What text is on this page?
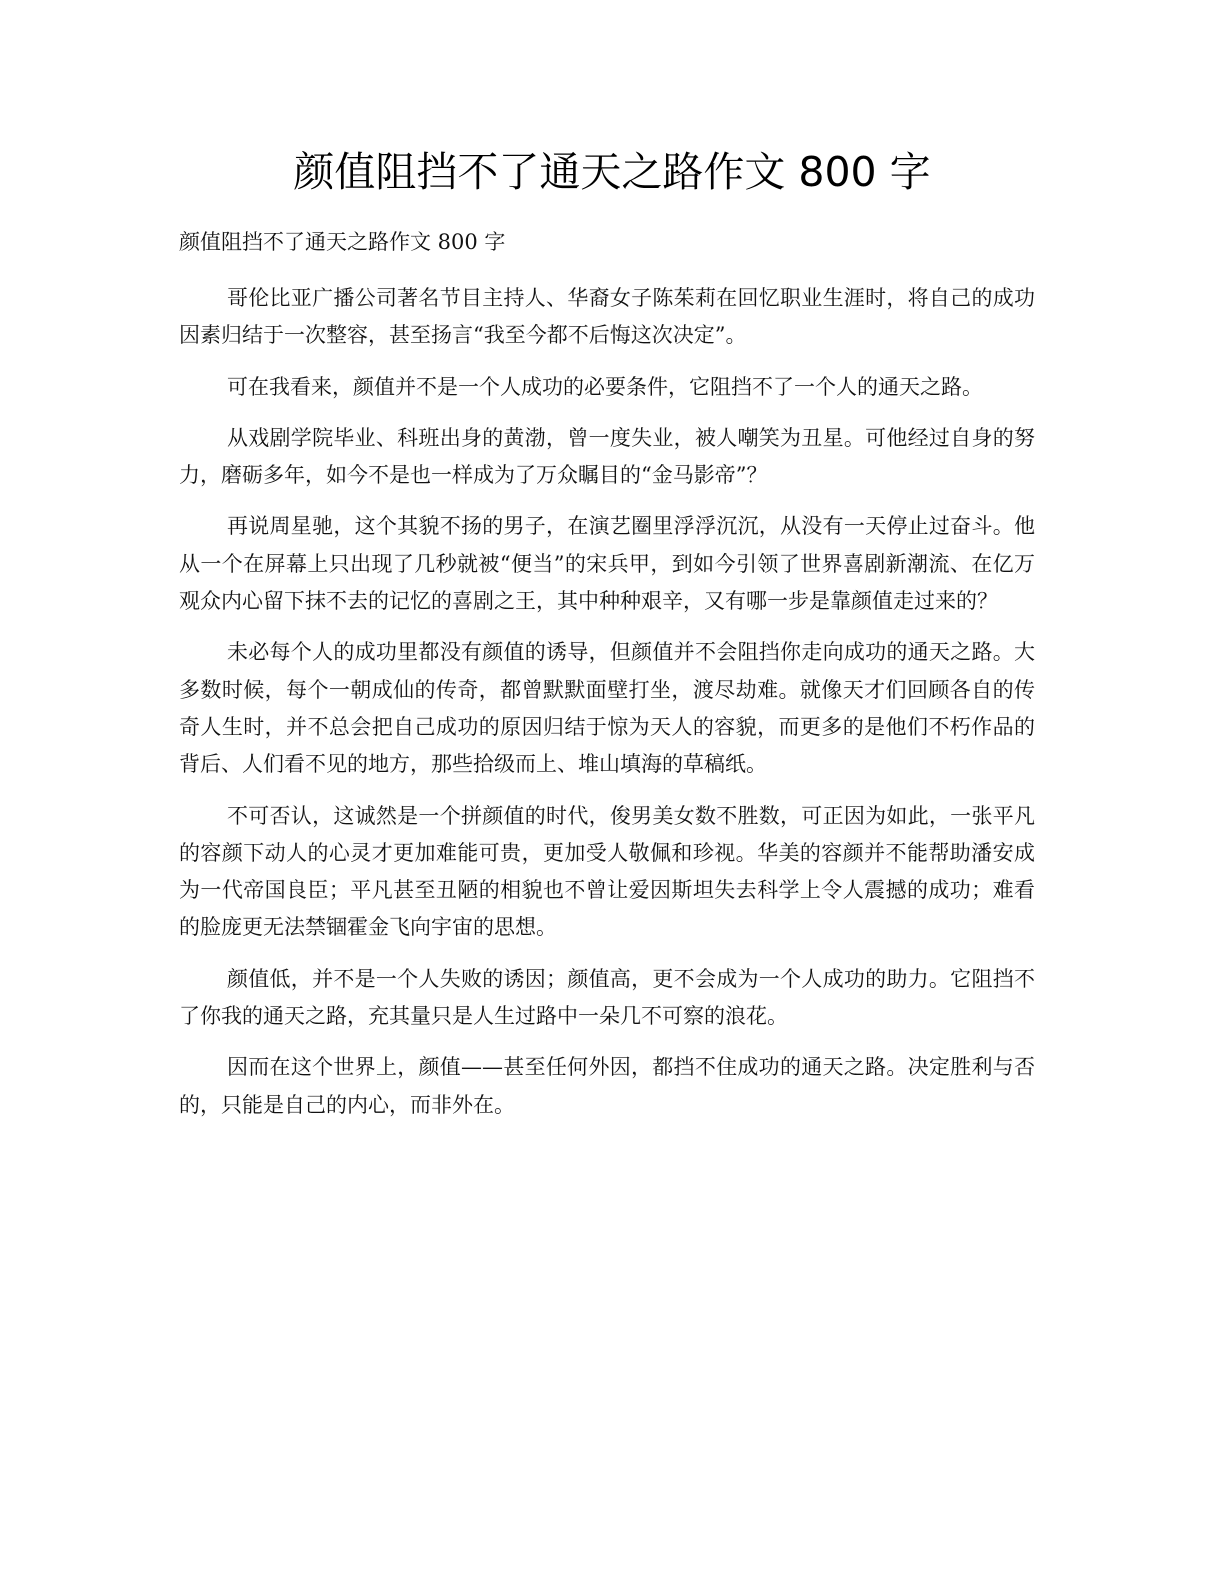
颜值阻挡不了通天之路作文 800 字

颜值阻挡不了通天之路作文 800 字

哥伦比亚广播公司著名节目主持人、华裔女子陈茱莉在回忆职业生涯时，将自己的成功因素归结于一次整容，甚至扬言“我至今都不后悔这次决定”。

可在我看来，颜值并不是一个人成功的必要条件，它阻挡不了一个人的通天之路。

从戏剧学院毕业、科班出身的黄渤，曾一度失业，被人嘲笑为丑星。可他经过自身的努力，磨砺多年，如今不是也一样成为了万众瞩目的“金马影帝”？

再说周星驰，这个其貌不扬的男子，在演艺圈里浮浮沉沉，从没有一天停止过奋斗。他从一个在屏幕上只出现了几秒就被“便当”的宋兵甲，到如今引领了世界喜剧新潮流、在亿万观众内心留下抹不去的记忆的喜剧之王，其中种种艰辛，又有哪一步是靠颜值走过来的？

未必每个人的成功里都没有颜值的诱导，但颜值并不会阻挡你走向成功的通天之路。大多数时候，每个一朝成仙的传奇，都曾默默面壁打坐，渡尽劫难。就像天才们回顾各自的传奇人生时，并不总会把自己成功的原因归结于惊为天人的容貌，而更多的是他们不朽作品的背后、人们看不见的地方，那些拾级而上、堆山填海的草稿纸。

不可否认，这诚然是一个拼颜值的时代，俊男美女数不胜数，可正因为如此，一张平凡的容颜下动人的心灵才更加难能可贵，更加受人敬佩和珍视。华美的容颜并不能帮助潘安成为一代帝国良臣；平凡甚至丑陋的相貌也不曾让爱因斯坦失去科学上令人震撼的成功；难看的脸庞更无法禁锢霍金飞向宇宙的思想。

颜值低，并不是一个人失败的诱因；颜值高，更不会成为一个人成功的助力。它阻挡不了你我的通天之路，充其量只是人生过路中一朵几不可察的浪花。

因而在这个世界上，颜值——甚至任何外因，都挡不住成功的通天之路。决定胜利与否的，只能是自己的内心，而非外在。
